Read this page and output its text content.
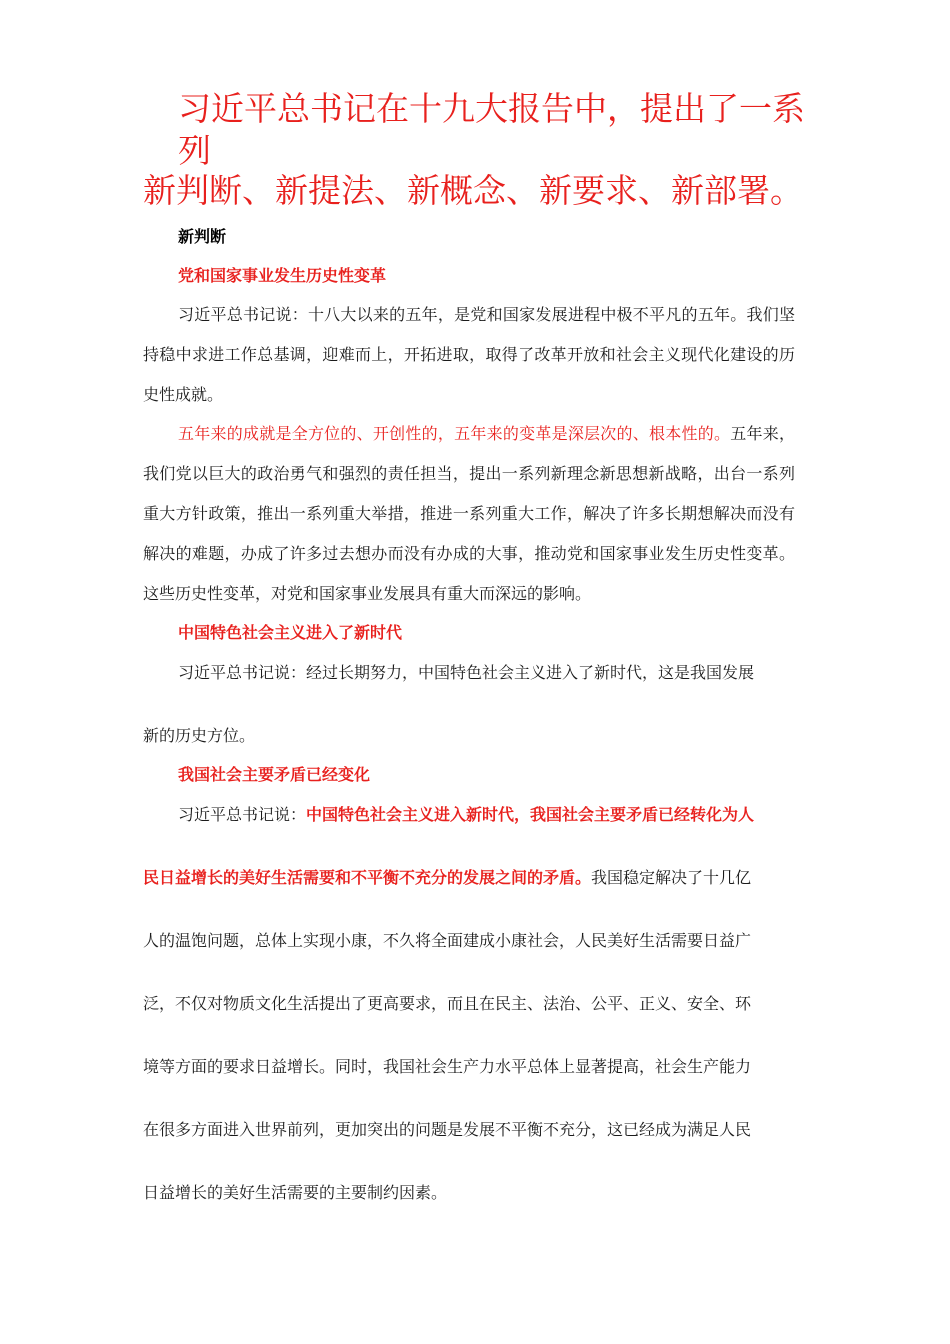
习近平总书记在十九大报告中，提出了一系列
新判断、新提法、新概念、新要求、新部署。
新判断
党和国家事业发生历史性变革

习近平总书记说：十八大以来的五年，是党和国家发展进程中极不平凡的五年。我们坚持稳中求进工作总基调，迎难而上，开拓进取，取得了改革开放和社会主义现代化建设的历史性成就。

五年来的成就是全方位的、开创性的，五年来的变革是深层次的、根本性的。五年来，我们党以巨大的政治勇气和强烈的责任担当，提出一系列新理念新思想新战略，出台一系列重大方针政策，推出一系列重大举措，推进一系列重大工作，解决了许多长期想解决而没有解决的难题，办成了许多过去想办而没有办成的大事，推动党和国家事业发生历史性变革。这些历史性变革，对党和国家事业发展具有重大而深远的影响。

中国特色社会主义进入了新时代

习近平总书记说：经过长期努力，中国特色社会主义进入了新时代，这是我国发展

新的历史方位。

我国社会主要矛盾已经变化

习近平总书记说：中国特色社会主义进入新时代，我国社会主要矛盾已经转化为人

民日益增长的美好生活需要和不平衡不充分的发展之间的矛盾。我国稳定解决了十几亿

人的温饱问题，总体上实现小康，不久将全面建成小康社会，人民美好生活需要日益广

泛，不仅对物质文化生活提出了更高要求，而且在民主、法治、公平、正义、安全、环

境等方面的要求日益增长。同时，我国社会生产力水平总体上显著提高，社会生产能力

在很多方面进入世界前列，更加突出的问题是发展不平衡不充分，这已经成为满足人民

日益增长的美好生活需要的主要制约因素。
